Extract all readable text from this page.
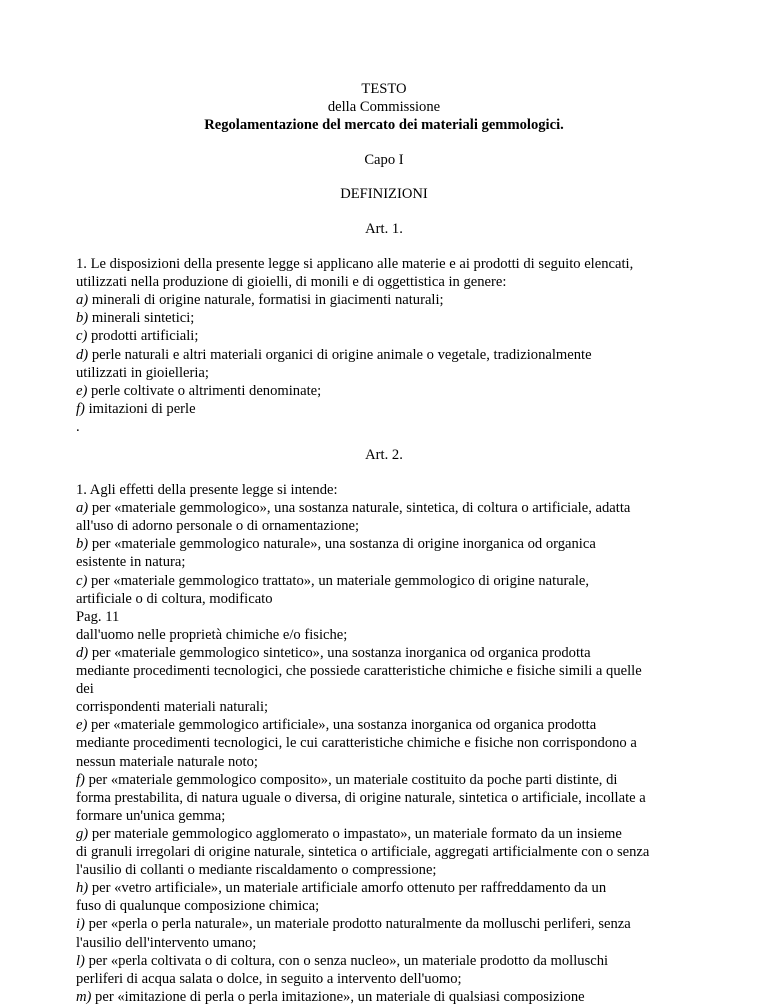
TESTO
della Commissione
Regolamentazione del mercato dei materiali gemmologici.
Capo I
DEFINIZIONI
Art. 1.
1. Le disposizioni della presente legge si applicano alle materie e ai prodotti di seguito elencati,
utilizzati nella produzione di gioielli, di monili e di oggettistica in genere:
a) minerali di origine naturale, formatisi in giacimenti naturali;
b) minerali sintetici;
c) prodotti artificiali;
d) perle naturali e altri materiali organici di origine animale o vegetale, tradizionalmente
utilizzati in gioielleria;
e) perle coltivate o altrimenti denominate;
f) imitazioni di perle
.
Art. 2.
1. Agli effetti della presente legge si intende:
a) per «materiale gemmologico», una sostanza naturale, sintetica, di coltura o artificiale, adatta
all'uso di adorno personale o di ornamentazione;
b) per «materiale gemmologico naturale», una sostanza di origine inorganica od organica
esistente in natura;
c) per «materiale gemmologico trattato», un materiale gemmologico di origine naturale,
artificiale o di coltura, modificato
Pag. 11
dall'uomo nelle proprietà chimiche e/o fisiche;
d) per «materiale gemmologico sintetico», una sostanza inorganica od organica prodotta
mediante procedimenti tecnologici, che possiede caratteristiche chimiche e fisiche simili a quelle
dei
corrispondenti materiali naturali;
e) per «materiale gemmologico artificiale», una sostanza inorganica od organica prodotta
mediante procedimenti tecnologici, le cui caratteristiche chimiche e fisiche non corrispondono a
nessun materiale naturale noto;
f) per «materiale gemmologico composito», un materiale costituito da poche parti distinte, di
forma prestabilita, di natura uguale o diversa, di origine naturale, sintetica o artificiale, incollate a
formare un'unica gemma;
g) per materiale gemmologico agglomerato o impastato», un materiale formato da un insieme
di granuli irregolari di origine naturale, sintetica o artificiale, aggregati artificialmente con o senza
l'ausilio di collanti o mediante riscaldamento o compressione;
h) per «vetro artificiale», un materiale artificiale amorfo ottenuto per raffreddamento da un
fuso di qualunque composizione chimica;
i) per «perla o perla naturale», un materiale prodotto naturalmente da molluschi perliferi, senza
l'ausilio dell'intervento umano;
l) per «perla coltivata o di coltura, con o senza nucleo», un materiale prodotto da molluschi
perliferi di acqua salata o dolce, in seguito a intervento dell'uomo;
m) per «imitazione di perla o perla imitazione», un materiale di qualsiasi composizione
